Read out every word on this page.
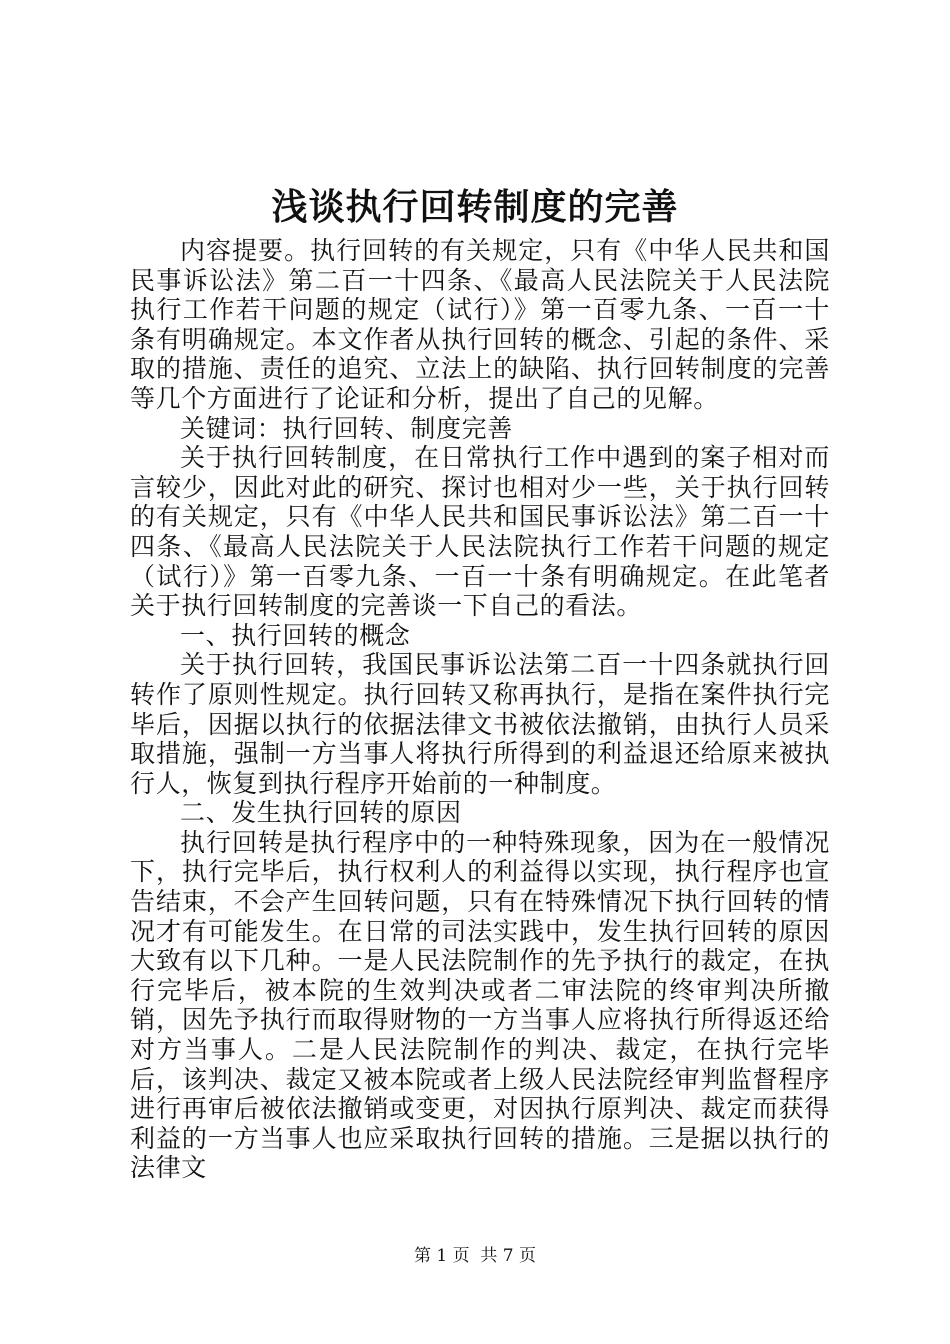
浅谈执行回转制度的完善

内容提要。执行回转的有关规定，只有《中华人民共和国民事诉讼法》第二百一十四条、《最高人民法院关于人民法院执行工作若干问题的规定（试行）》第一百零九条、一百一十条有明确规定。本文作者从执行回转的概念、引起的条件、采取的措施、责任的追究、立法上的缺陷、执行回转制度的完善等几个方面进行了论证和分析，提出了自己的见解。

关键词：执行回转、制度完善

关于执行回转制度，在日常执行工作中遇到的案子相对而言较少，因此对此的研究、探讨也相对少一些，关于执行回转的有关规定，只有《中华人民共和国民事诉讼法》第二百一十四条、《最高人民法院关于人民法院执行工作若干问题的规定（试行）》第一百零九条、一百一十条有明确规定。在此笔者关于执行回转制度的完善谈一下自己的看法。

一、执行回转的概念

关于执行回转，我国民事诉讼法第二百一十四条就执行回转作了原则性规定。执行回转又称再执行，是指在案件执行完毕后，因据以执行的依据法律文书被依法撤销，由执行人员采取措施，强制一方当事人将执行所得到的利益退还给原来被执行人，恢复到执行程序开始前的一种制度。

二、发生执行回转的原因

执行回转是执行程序中的一种特殊现象，因为在一般情况下，执行完毕后，执行权利人的利益得以实现，执行程序也宣告结束，不会产生回转问题，只有在特殊情况下执行回转的情况才有可能发生。在日常的司法实践中，发生执行回转的原因大致有以下几种。一是人民法院制作的先予执行的裁定，在执行完毕后，被本院的生效判决或者二审法院的终审判决所撤销，因先予执行而取得财物的一方当事人应将执行所得返还给对方当事人。二是人民法院制作的判决、裁定，在执行完毕后，该判决、裁定又被本院或者上级人民法院经审判监督程序进行再审后被依法撤销或变更，对因执行原判决、裁定而获得利益的一方当事人也应采取执行回转的措施。三是据以执行的法律文

第 1 页 共 7 页
